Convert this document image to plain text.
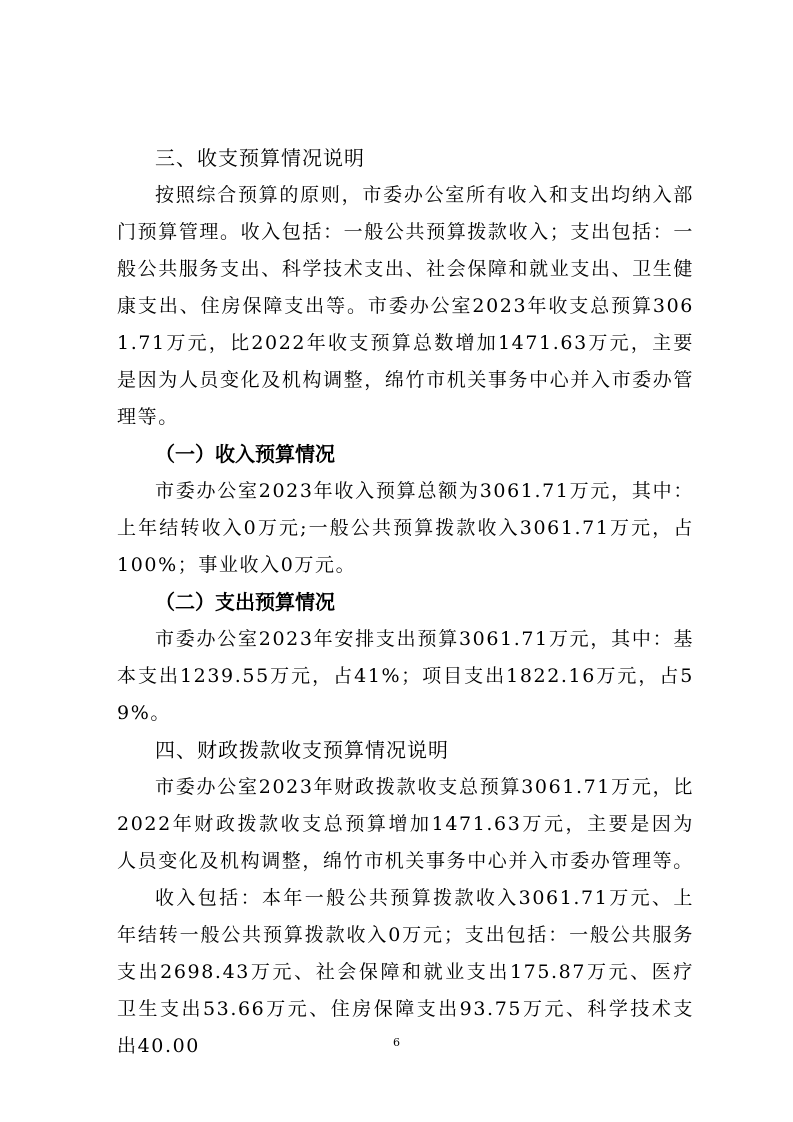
三、收支预算情况说明

按照综合预算的原则，市委办公室所有收入和支出均纳入部门预算管理。收入包括：一般公共预算拨款收入；支出包括：一般公共服务支出、科学技术支出、社会保障和就业支出、卫生健康支出、住房保障支出等。市委办公室2023年收支总预算3061.71万元，比2022年收支预算总数增加1471.63万元，主要是因为人员变化及机构调整，绵竹市机关事务中心并入市委办管理等。

（一）收入预算情况

市委办公室2023年收入预算总额为3061.71万元，其中：上年结转收入0万元;一般公共预算拨款收入3061.71万元，占100%；事业收入0万元。

（二）支出预算情况

市委办公室2023年安排支出预算3061.71万元，其中：基本支出1239.55万元，占41%；项目支出1822.16万元，占59%。

四、财政拨款收支预算情况说明

市委办公室2023年财政拨款收支总预算3061.71万元，比2022年财政拨款收支总预算增加1471.63万元，主要是因为人员变化及机构调整，绵竹市机关事务中心并入市委办管理等。

收入包括：本年一般公共预算拨款收入3061.71万元、上年结转一般公共预算拨款收入0万元；支出包括：一般公共服务支出2698.43万元、社会保障和就业支出175.87万元、医疗卫生支出53.66万元、住房保障支出93.75万元、科学技术支出40.00	6
